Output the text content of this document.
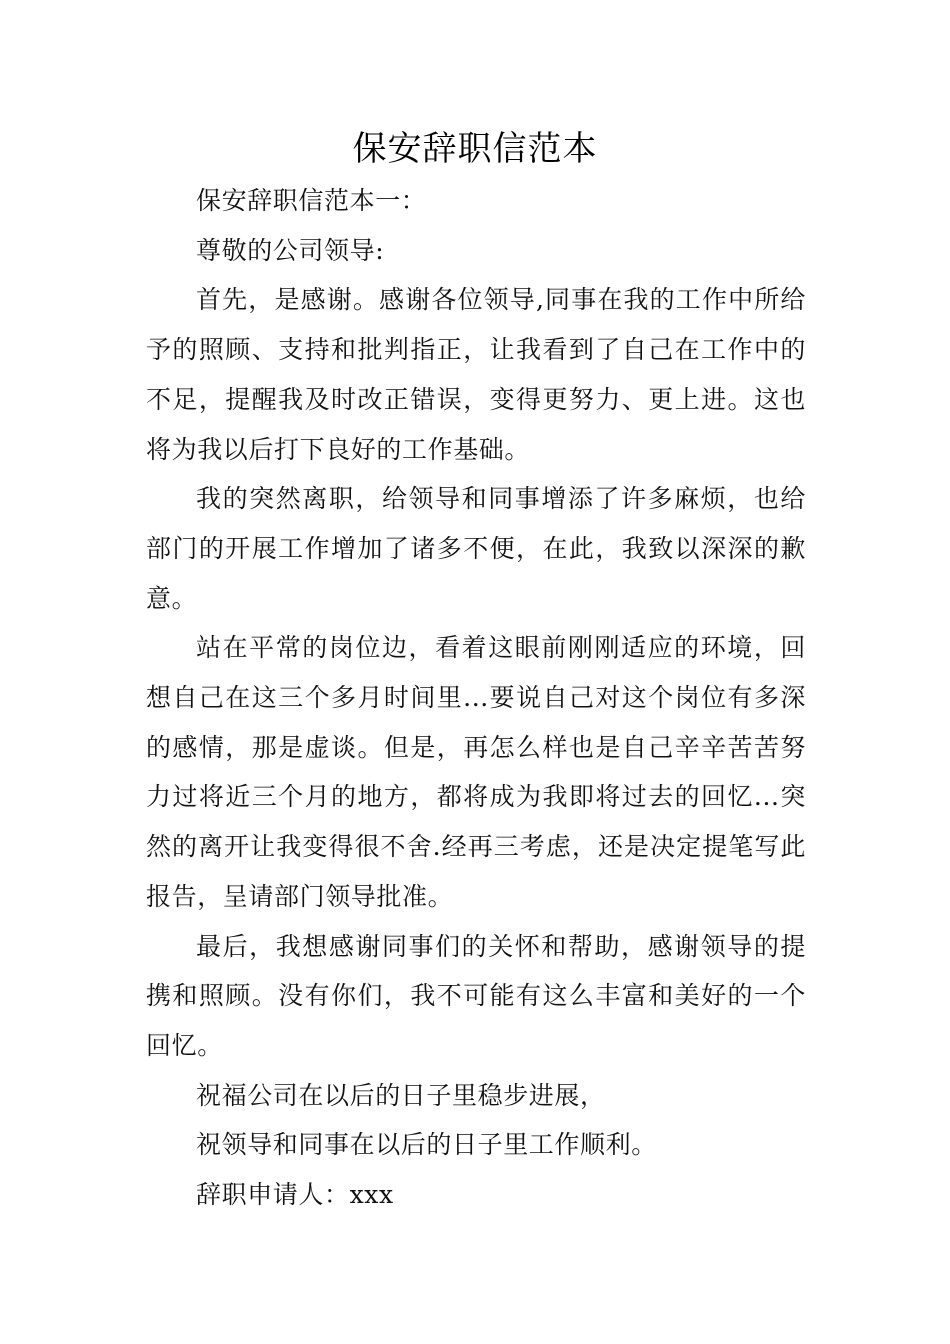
保安辞职信范本

保安辞职信范本一：

尊敬的公司领导:

首先，是感谢。感谢各位领导,同事在我的工作中所给予的照顾、支持和批判指正，让我看到了自己在工作中的不足，提醒我及时改正错误，变得更努力、更上进。这也将为我以后打下良好的工作基础。

我的突然离职，给领导和同事增添了许多麻烦，也给部门的开展工作增加了诸多不便，在此，我致以深深的歉意。

站在平常的岗位边，看着这眼前刚刚适应的环境，回想自己在这三个多月时间里...要说自己对这个岗位有多深的感情，那是虚谈。但是，再怎么样也是自己辛辛苦苦努力过将近三个月的地方，都将成为我即将过去的回忆...突然的离开让我变得很不舍.经再三考虑，还是决定提笔写此报告，呈请部门领导批准。

最后，我想感谢同事们的关怀和帮助，感谢领导的提携和照顾。没有你们，我不可能有这么丰富和美好的一个回忆。

祝福公司在以后的日子里稳步进展，

祝领导和同事在以后的日子里工作顺利。

辞职申请人：xxx
